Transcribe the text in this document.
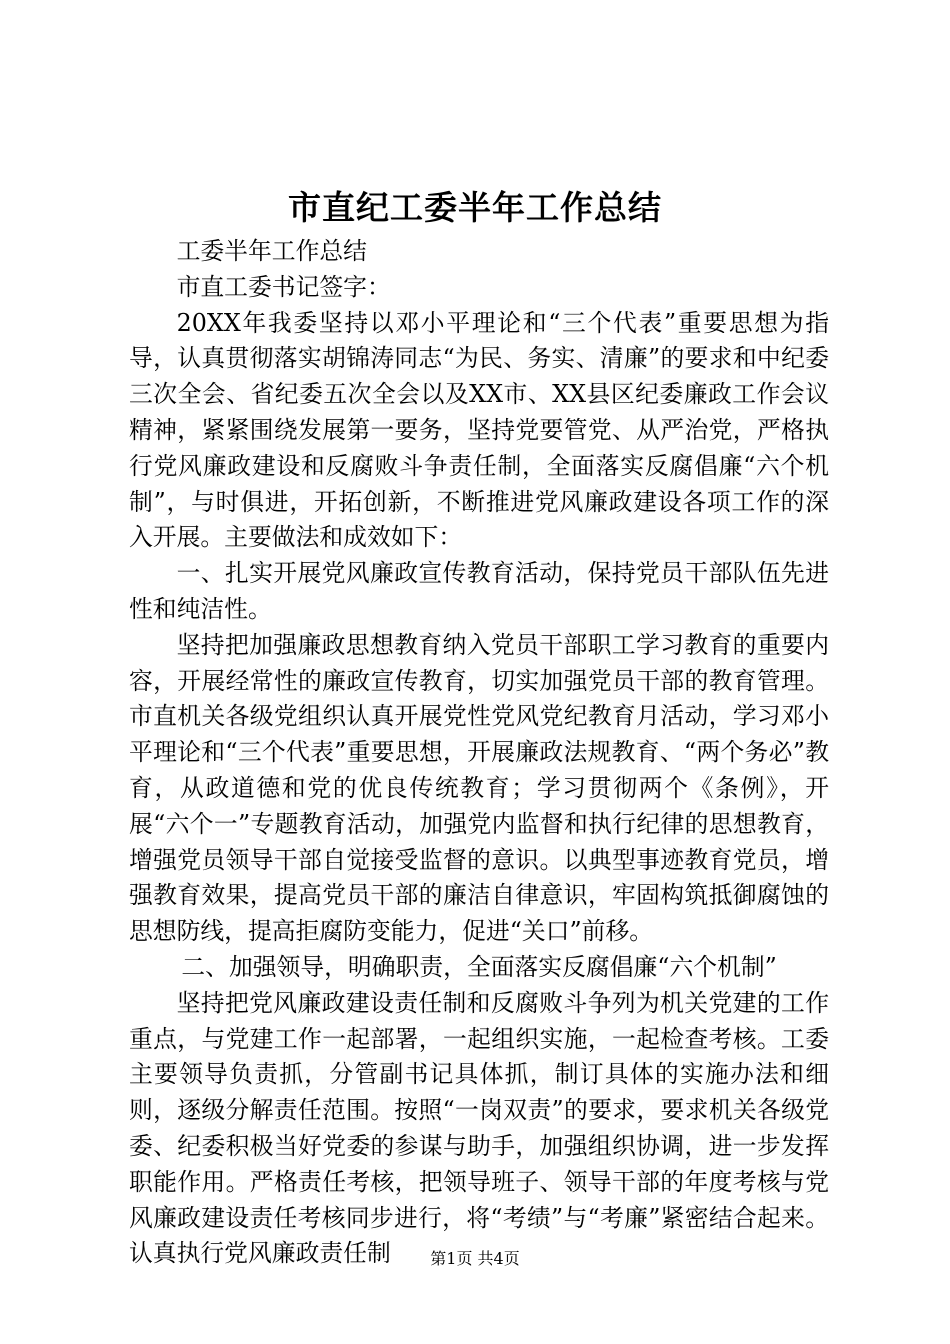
市直纪工委半年工作总结

工委半年工作总结

市直工委书记签字：

20XX年我委坚持以邓小平理论和“三个代表”重要思想为指导，认真贯彻落实胡锦涛同志“为民、务实、清廉”的要求和中纪委三次全会、省纪委五次全会以及XX市、XX县区纪委廉政工作会议精神，紧紧围绕发展第一要务，坚持党要管党、从严治党，严格执行党风廉政建设和反腐败斗争责任制，全面落实反腐倡廉“六个机制”，与时俱进，开拓创新，不断推进党风廉政建设各项工作的深入开展。主要做法和成效如下：

一、扎实开展党风廉政宣传教育活动，保持党员干部队伍先进性和纯洁性。

坚持把加强廉政思想教育纳入党员干部职工学习教育的重要内容，开展经常性的廉政宣传教育，切实加强党员干部的教育管理。市直机关各级党组织认真开展党性党风党纪教育月活动，学习邓小平理论和“三个代表”重要思想，开展廉政法规教育、“两个务必”教育，从政道德和党的优良传统教育；学习贯彻两个《条例》，开展“六个一”专题教育活动，加强党内监督和执行纪律的思想教育，增强党员领导干部自觉接受监督的意识。以典型事迹教育党员，增强教育效果，提高党员干部的廉洁自律意识，牢固构筑抵御腐蚀的思想防线，提高拒腐防变能力，促进“关口”前移。

二、加强领导，明确职责，全面落实反腐倡廉“六个机制”

坚持把党风廉政建设责任制和反腐败斗争列为机关党建的工作重点，与党建工作一起部署，一起组织实施，一起检查考核。工委主要领导负责抓，分管副书记具体抓，制订具体的实施办法和细则，逐级分解责任范围。按照“一岗双责”的要求，要求机关各级党委、纪委积极当好党委的参谋与助手，加强组织协调，进一步发挥职能作用。严格责任考核，把领导班子、领导干部的年度考核与党风廉政建设责任考核同步进行，将“考绩”与“考廉”紧密结合起来。认真执行党风廉政责任制	第1页 共4页
